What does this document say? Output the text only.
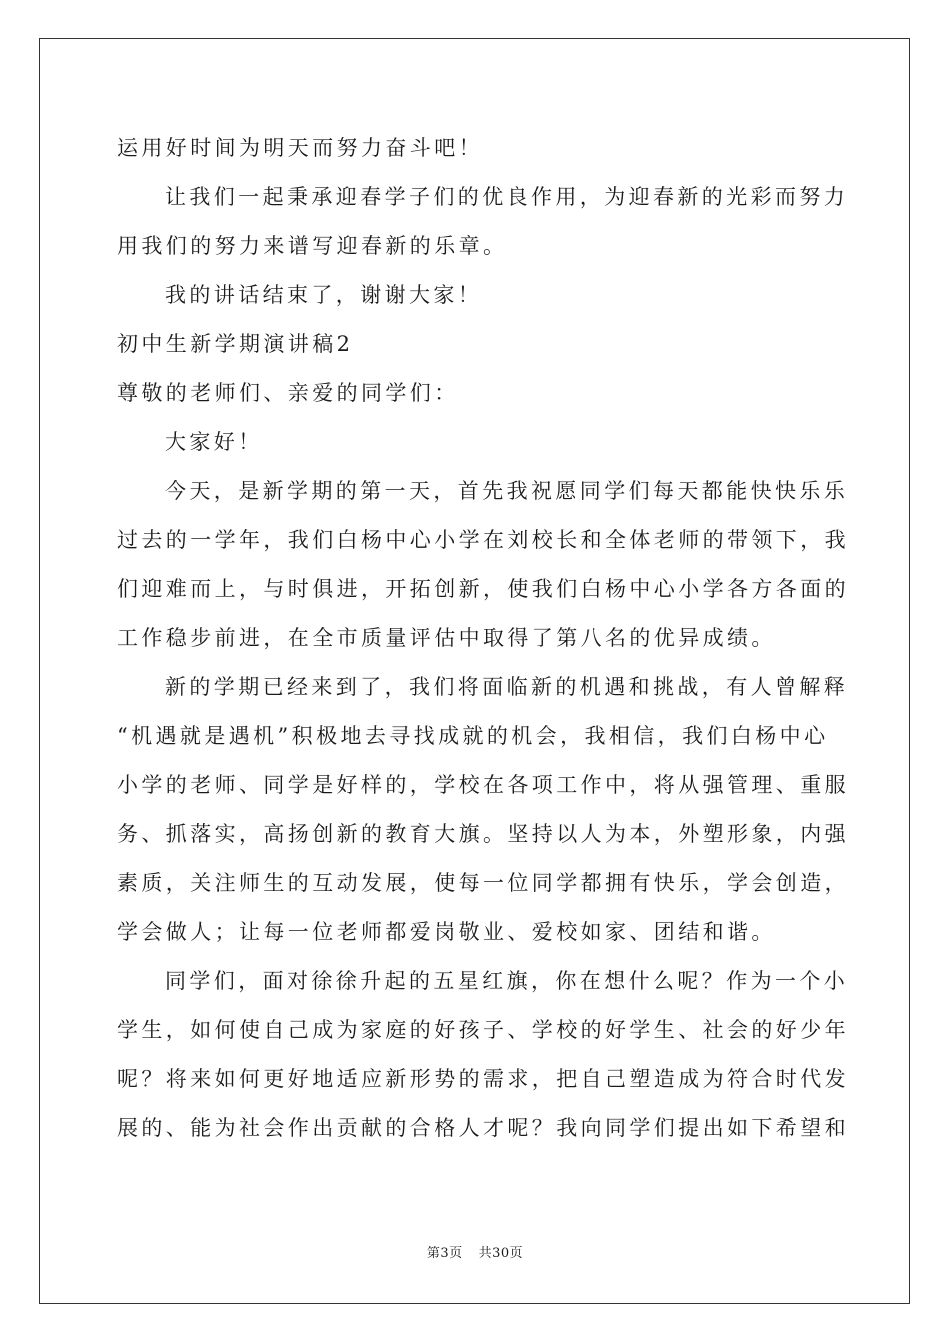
运用好时间为明天而努力奋斗吧！
让我们一起秉承迎春学子们的优良作用，为迎春新的光彩而努力
用我们的努力来谱写迎春新的乐章。
我的讲话结束了，谢谢大家！
初中生新学期演讲稿2
尊敬的老师们、亲爱的同学们：
大家好！
今天，是新学期的第一天，首先我祝愿同学们每天都能快快乐乐
过去的一学年，我们白杨中心小学在刘校长和全体老师的带领下，我
们迎难而上，与时俱进，开拓创新，使我们白杨中心小学各方各面的
工作稳步前进，在全市质量评估中取得了第八名的优异成绩。
新的学期已经来到了，我们将面临新的机遇和挑战，有人曾解释
“机遇就是遇机”积极地去寻找成就的机会，我相信，我们白杨中心
小学的老师、同学是好样的，学校在各项工作中，将从强管理、重服
务、抓落实，高扬创新的教育大旗。坚持以人为本，外塑形象，内强
素质，关注师生的互动发展，使每一位同学都拥有快乐，学会创造，
学会做人；让每一位老师都爱岗敬业、爱校如家、团结和谐。
同学们，面对徐徐升起的五星红旗，你在想什么呢？作为一个小
学生，如何使自己成为家庭的好孩子、学校的好学生、社会的好少年
呢？将来如何更好地适应新形势的需求，把自己塑造成为符合时代发
展的、能为社会作出贡献的合格人才呢？我向同学们提出如下希望和
第3页 共30页
